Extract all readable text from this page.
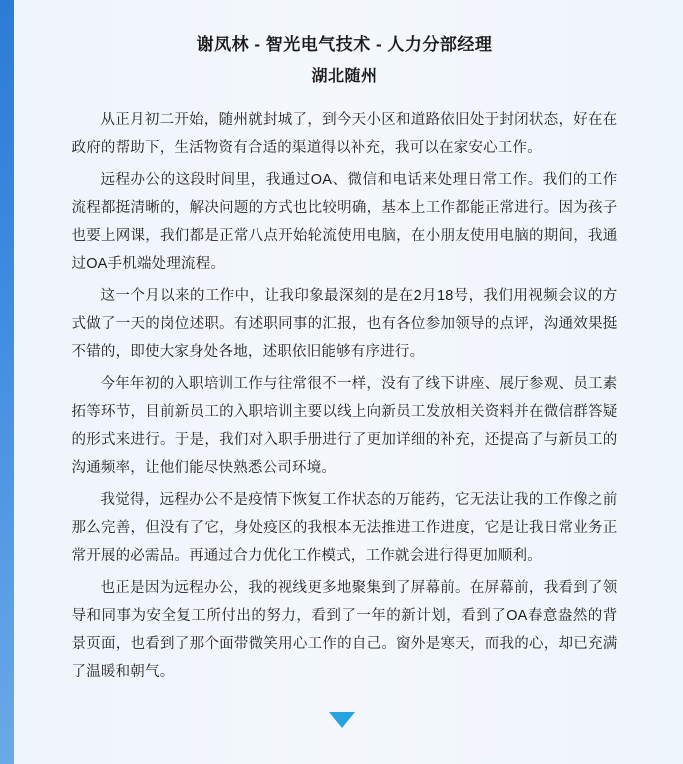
谢凤林 - 智光电气技术 - 人力分部经理
湖北随州

从正月初二开始，随州就封城了，到今天小区和道路依旧处于封闭状态，好在在政府的帮助下，生活物资有合适的渠道得以补充，我可以在家安心工作。

远程办公的这段时间里，我通过OA、微信和电话来处理日常工作。我们的工作流程都挺清晰的，解决问题的方式也比较明确，基本上工作都能正常进行。因为孩子也要上网课，我们都是正常八点开始轮流使用电脑，在小朋友使用电脑的期间，我通过OA手机端处理流程。

这一个月以来的工作中，让我印象最深刻的是在2月18号，我们用视频会议的方式做了一天的岗位述职。有述职同事的汇报，也有各位参加领导的点评，沟通效果挺不错的，即使大家身处各地，述职依旧能够有序进行。

今年年初的入职培训工作与往常很不一样，没有了线下讲座、展厅参观、员工素拓等环节，目前新员工的入职培训主要以线上向新员工发放相关资料并在微信群答疑的形式来进行。于是，我们对入职手册进行了更加详细的补充，还提高了与新员工的沟通频率，让他们能尽快熟悉公司环境。

我觉得，远程办公不是疫情下恢复工作状态的万能药，它无法让我的工作像之前那么完善，但没有了它，身处疫区的我根本无法推进工作进度，它是让我日常业务正常开展的必需品。再通过合力优化工作模式，工作就会进行得更加顺利。

也正是因为远程办公，我的视线更多地聚集到了屏幕前。在屏幕前，我看到了领导和同事为安全复工所付出的努力，看到了一年的新计划，看到了OA春意盎然的背景页面，也看到了那个面带微笑用心工作的自己。窗外是寒天，而我的心，却已充满了温暖和朝气。
